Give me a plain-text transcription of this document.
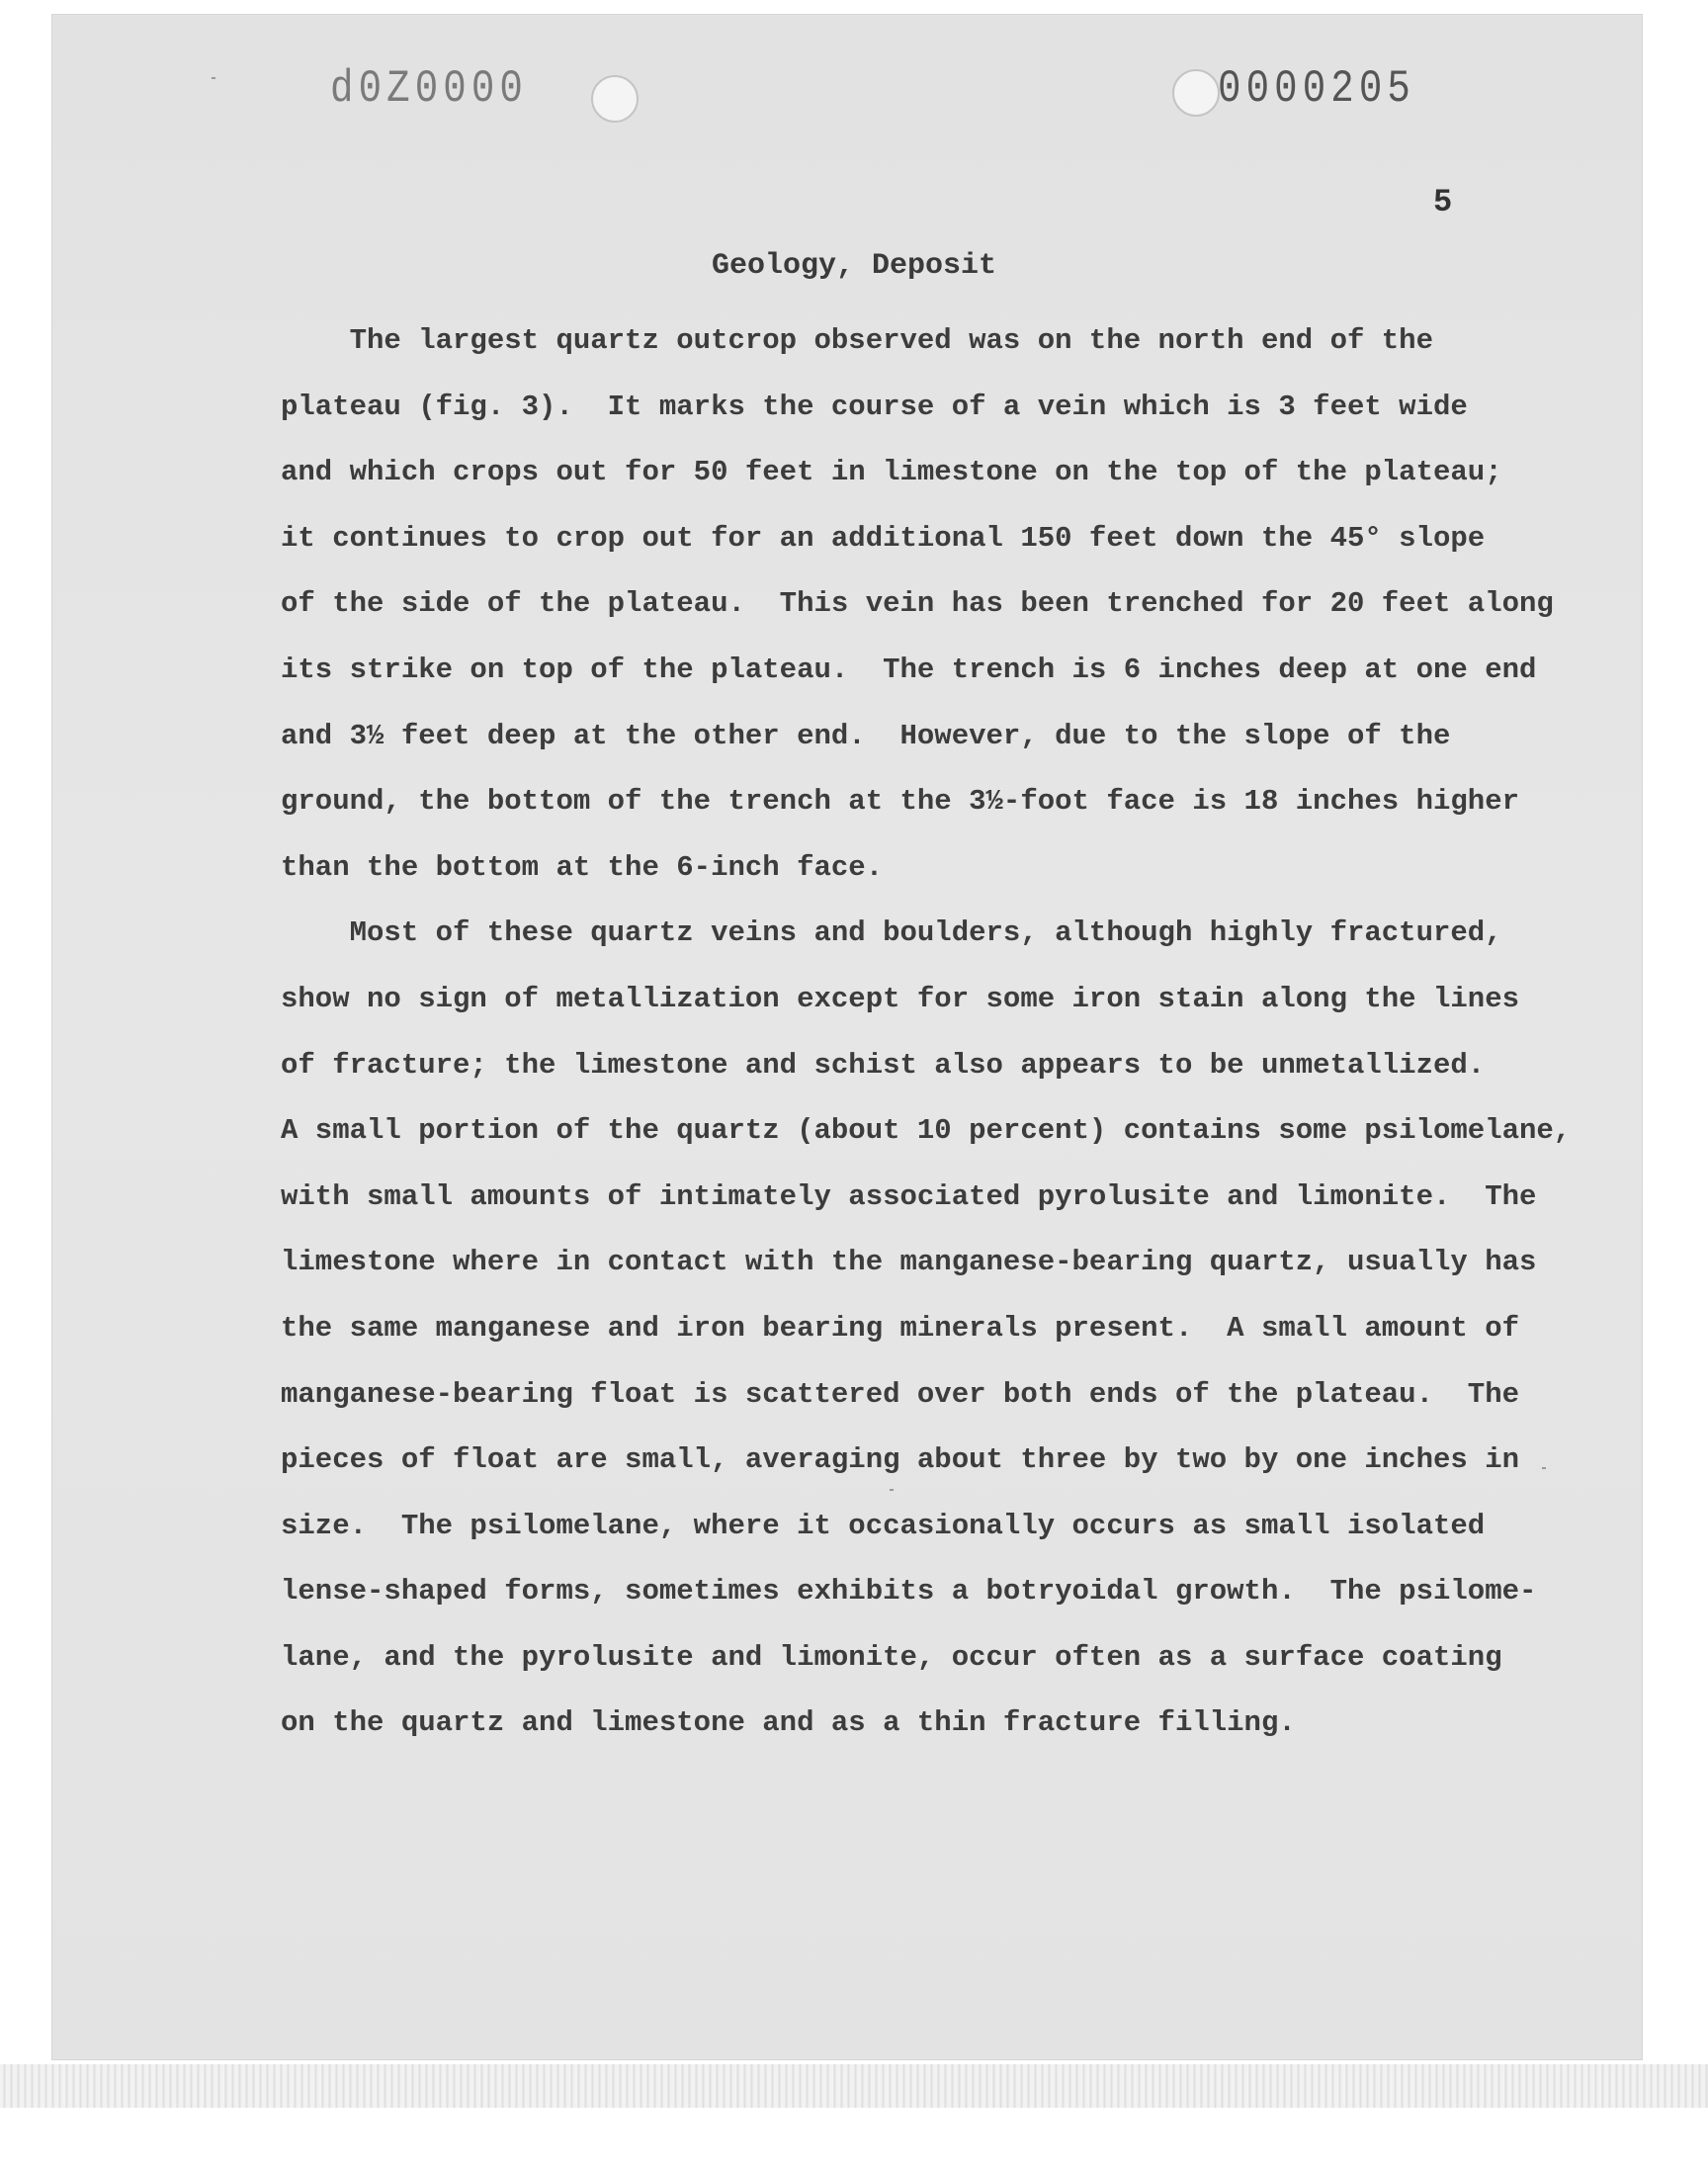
d0Z0000	0000205
5
Geology, Deposit
The largest quartz outcrop observed was on the north end of the
plateau (fig. 3).  It marks the course of a vein which is 3 feet wide
and which crops out for 50 feet in limestone on the top of the plateau;
it continues to crop out for an additional 150 feet down the 45° slope
of the side of the plateau.  This vein has been trenched for 20 feet along
its strike on top of the plateau.  The trench is 6 inches deep at one end
and 3½ feet deep at the other end.  However, due to the slope of the
ground, the bottom of the trench at the 3½-foot face is 18 inches higher
than the bottom at the 6-inch face.
Most of these quartz veins and boulders, although highly fractured,
show no sign of metallization except for some iron stain along the lines
of fracture; the limestone and schist also appears to be unmetallized.
A small portion of the quartz (about 10 percent) contains some psilomelane,
with small amounts of intimately associated pyrolusite and limonite.  The
limestone where in contact with the manganese-bearing quartz, usually has
the same manganese and iron bearing minerals present.  A small amount of
manganese-bearing float is scattered over both ends of the plateau.  The
pieces of float are small, averaging about three by two by one inches in
size.  The psilomelane, where it occasionally occurs as small isolated
lense-shaped forms, sometimes exhibits a botryoidal growth.  The psilome-
lane, and the pyrolusite and limonite, occur often as a surface coating
on the quartz and limestone and as a thin fracture filling.
